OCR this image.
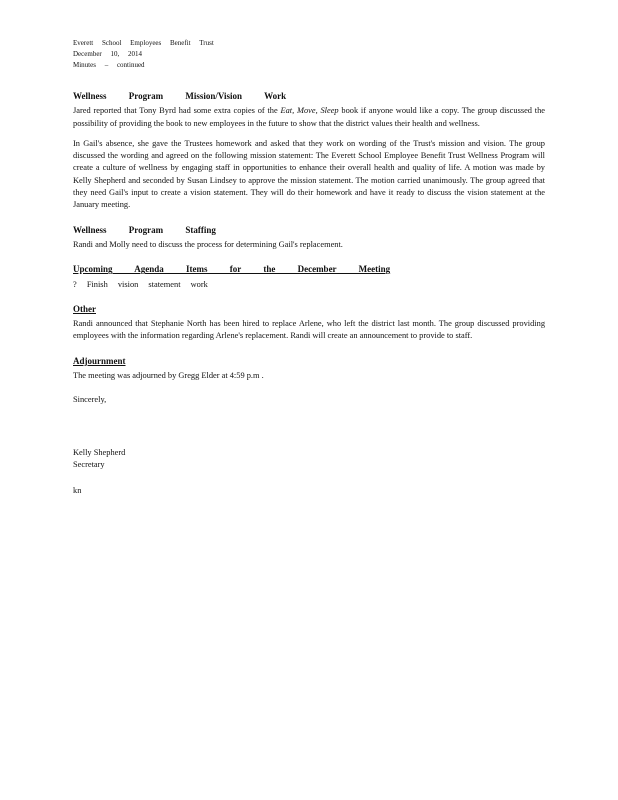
Everett School Employees Benefit Trust
December 10, 2014
Minutes – continued
Wellness Program Mission/Vision Work

Jared reported that Tony Byrd had some extra copies of the Eat, Move, Sleep book if anyone would like a copy. The group discussed the possibility of providing the book to new employees in the future to show that the district values their health and wellness.

In Gail's absence, she gave the Trustees homework and asked that they work on wording of the Trust's mission and vision. The group discussed the wording and agreed on the following mission statement: The Everett School Employee Benefit Trust Wellness Program will create a culture of wellness by engaging staff in opportunities to enhance their overall health and quality of life. A motion was made by Kelly Shepherd and seconded by Susan Lindsey to approve the mission statement. The motion carried unanimously. The group agreed that they need Gail's input to create a vision statement. They will do their homework and have it ready to discuss the vision statement at the January meeting.

Wellness Program Staffing

Randi and Molly need to discuss the process for determining Gail's replacement.

Upcoming Agenda Items for the December Meeting

? Finish vision statement work

Other

Randi announced that Stephanie North has been hired to replace Arlene, who left the district last month. The group discussed providing employees with the information regarding Arlene's replacement. Randi will create an announcement to provide to staff.

Adjournment

The meeting was adjourned by Gregg Elder at 4:59 p.m .

Sincerely,
Kelly Shepherd
Secretary
kn
